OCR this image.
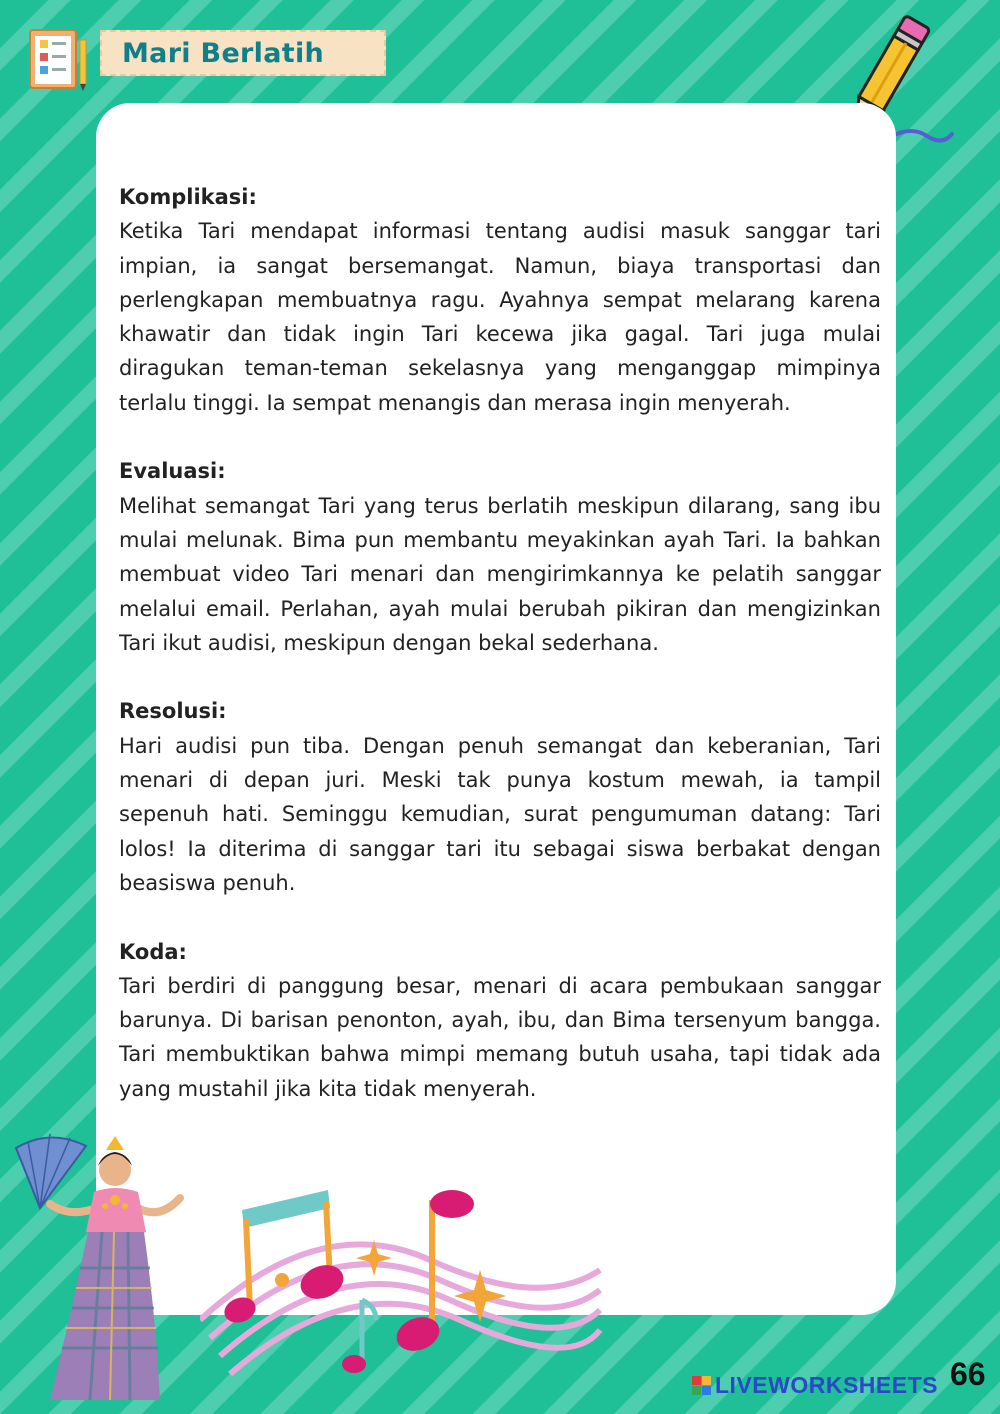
Mari Berlatih
Komplikasi:

Ketika Tari mendapat informasi tentang audisi masuk sanggar tari impian, ia sangat bersemangat. Namun, biaya transportasi dan perlengkapan membuatnya ragu. Ayahnya sempat melarang karena khawatir dan tidak ingin Tari kecewa jika gagal. Tari juga mulai diragukan teman-teman sekelasnya yang menganggap mimpinya terlalu tinggi. Ia sempat menangis dan merasa ingin menyerah.

Evaluasi:

Melihat semangat Tari yang terus berlatih meskipun dilarang, sang ibu mulai melunak. Bima pun membantu meyakinkan ayah Tari. Ia bahkan membuat video Tari menari dan mengirimkannya ke pelatih sanggar melalui email. Perlahan, ayah mulai berubah pikiran dan mengizinkan Tari ikut audisi, meskipun dengan bekal sederhana.

Resolusi:

Hari audisi pun tiba. Dengan penuh semangat dan keberanian, Tari menari di depan juri. Meski tak punya kostum mewah, ia tampil sepenuh hati. Seminggu kemudian, surat pengumuman datang: Tari lolos! Ia diterima di sanggar tari itu sebagai siswa berbakat dengan beasiswa penuh.

Koda:

Tari berdiri di panggung besar, menari di acara pembukaan sanggar barunya. Di barisan penonton, ayah, ibu, dan Bima tersenyum bangga. Tari membuktikan bahwa mimpi memang butuh usaha, tapi tidak ada yang mustahil jika kita tidak menyerah.

LIVEWORKSHEETS 66
